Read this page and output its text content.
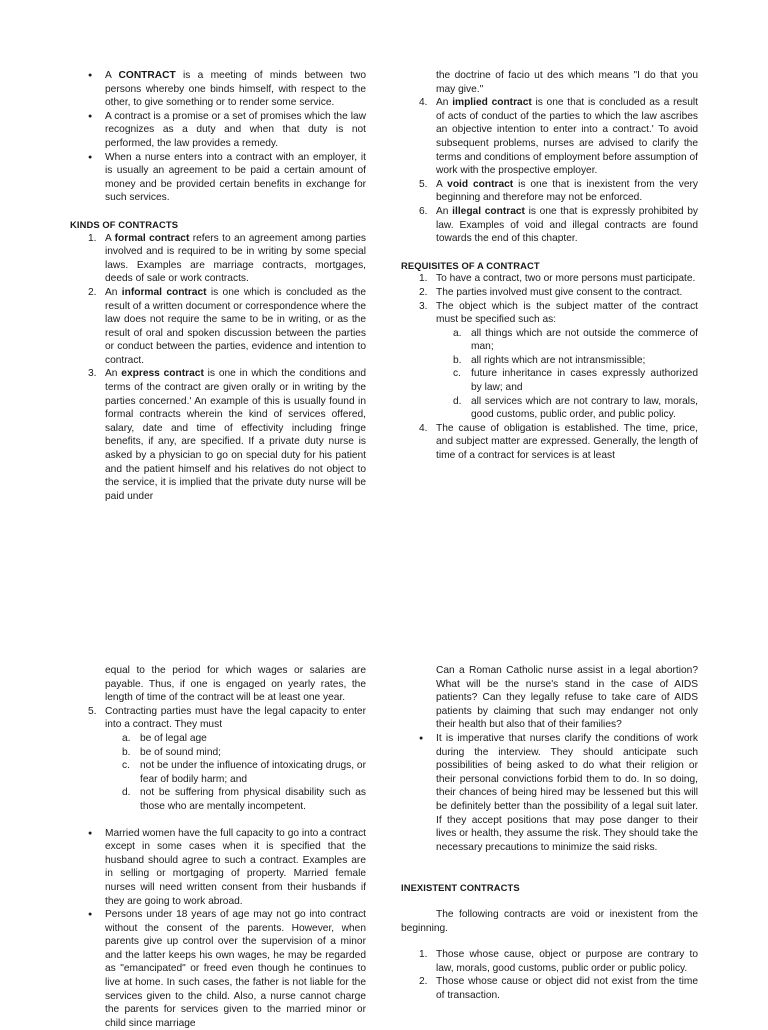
● A CONTRACT is a meeting of minds between two persons whereby one binds himself, with respect to the other, to give something or to render some service.
● A contract is a promise or a set of promises which the law recognizes as a duty and when that duty is not performed, the law provides a remedy.
● When a nurse enters into a contract with an employer, it is usually an agreement to be paid a certain amount of money and be provided certain benefits in exchange for such services.
KINDS OF CONTRACTS
1. A formal contract refers to an agreement among parties involved and is required to be in writing by some special laws. Examples are marriage contracts, mortgages, deeds of sale or work contracts.
2. An informal contract is one which is concluded as the result of a written document or correspondence where the law does not require the same to be in writing, or as the result of oral and spoken discussion between the parties or conduct between the parties, evidence and intention to contract.
3. An express contract is one in which the conditions and terms of the contract are given orally or in writing by the parties concerned.' An example of this is usually found in formal contracts wherein the kind of services offered, salary, date and time of effectivity including fringe benefits, if any, are specified. If a private duty nurse is asked by a physician to go on special duty for his patient and the patient himself and his relatives do not object to the service, it is implied that the private duty nurse will be paid under
the doctrine of facio ut des which means "I do that you may give."
4. An implied contract is one that is concluded as a result of acts of conduct of the parties to which the law ascribes an objective intention to enter into a contract.' To avoid subsequent problems, nurses are advised to clarify the terms and conditions of employment before assumption of work with the prospective employer.
5. A void contract is one that is inexistent from the very beginning and therefore may not be enforced.
6. An illegal contract is one that is expressly prohibited by law. Examples of void and illegal contracts are found towards the end of this chapter.
REQUISITES OF A CONTRACT
1. To have a contract, two or more persons must participate.
2. The parties involved must give consent to the contract.
3. The object which is the subject matter of the contract must be specified such as:
a. all things which are not outside the commerce of man;
b. all rights which are not intransmissible;
c. future inheritance in cases expressly authorized by law; and
d. all services which are not contrary to law, morals, good customs, public order, and public policy.
4. The cause of obligation is established. The time, price, and subject matter are expressed. Generally, the length of time of a contract for services is at least
equal to the period for which wages or salaries are payable. Thus, if one is engaged on yearly rates, the length of time of the contract will be at least one year.
5. Contracting parties must have the legal capacity to enter into a contract. They must
a. be of legal age
b. be of sound mind;
c. not be under the influence of intoxicating drugs, or fear of bodily harm; and
d. not be suffering from physical disability such as those who are mentally incompetent.
● Married women have the full capacity to go into a contract except in some cases when it is specified that the husband should agree to such a contract. Examples are in selling or mortgaging of property. Married female nurses will need written consent from their husbands if they are going to work abroad.
● Persons under 18 years of age may not go into contract without the consent of the parents. However, when parents give up control over the supervision of a minor and the latter keeps his own wages, he may be regarded as "emancipated" or freed even though he continues to live at home. In such cases, the father is not liable for the services given to the child. Also, a nurse cannot charge the parents for services given to the married minor or child since marriage
Can a Roman Catholic nurse assist in a legal abortion? What will be the nurse's stand in the case of AIDS patients? Can they legally refuse to take care of AIDS patients by claiming that such may endanger not only their health but also that of their families?
● It is imperative that nurses clarify the conditions of work during the interview. They should anticipate such possibilities of being asked to do what their religion or their personal convictions forbid them to do. In so doing, their chances of being hired may be lessened but this will be definitely better than the possibility of a legal suit later. If they accept positions that may pose danger to their lives or health, they assume the risk. They should take the necessary precautions to minimize the said risks.
INEXISTENT CONTRACTS
The following contracts are void or inexistent from the beginning.
1. Those whose cause, object or purpose are contrary to law, morals, good customs, public order or public policy.
2. Those whose cause or object did not exist from the time of transaction.
